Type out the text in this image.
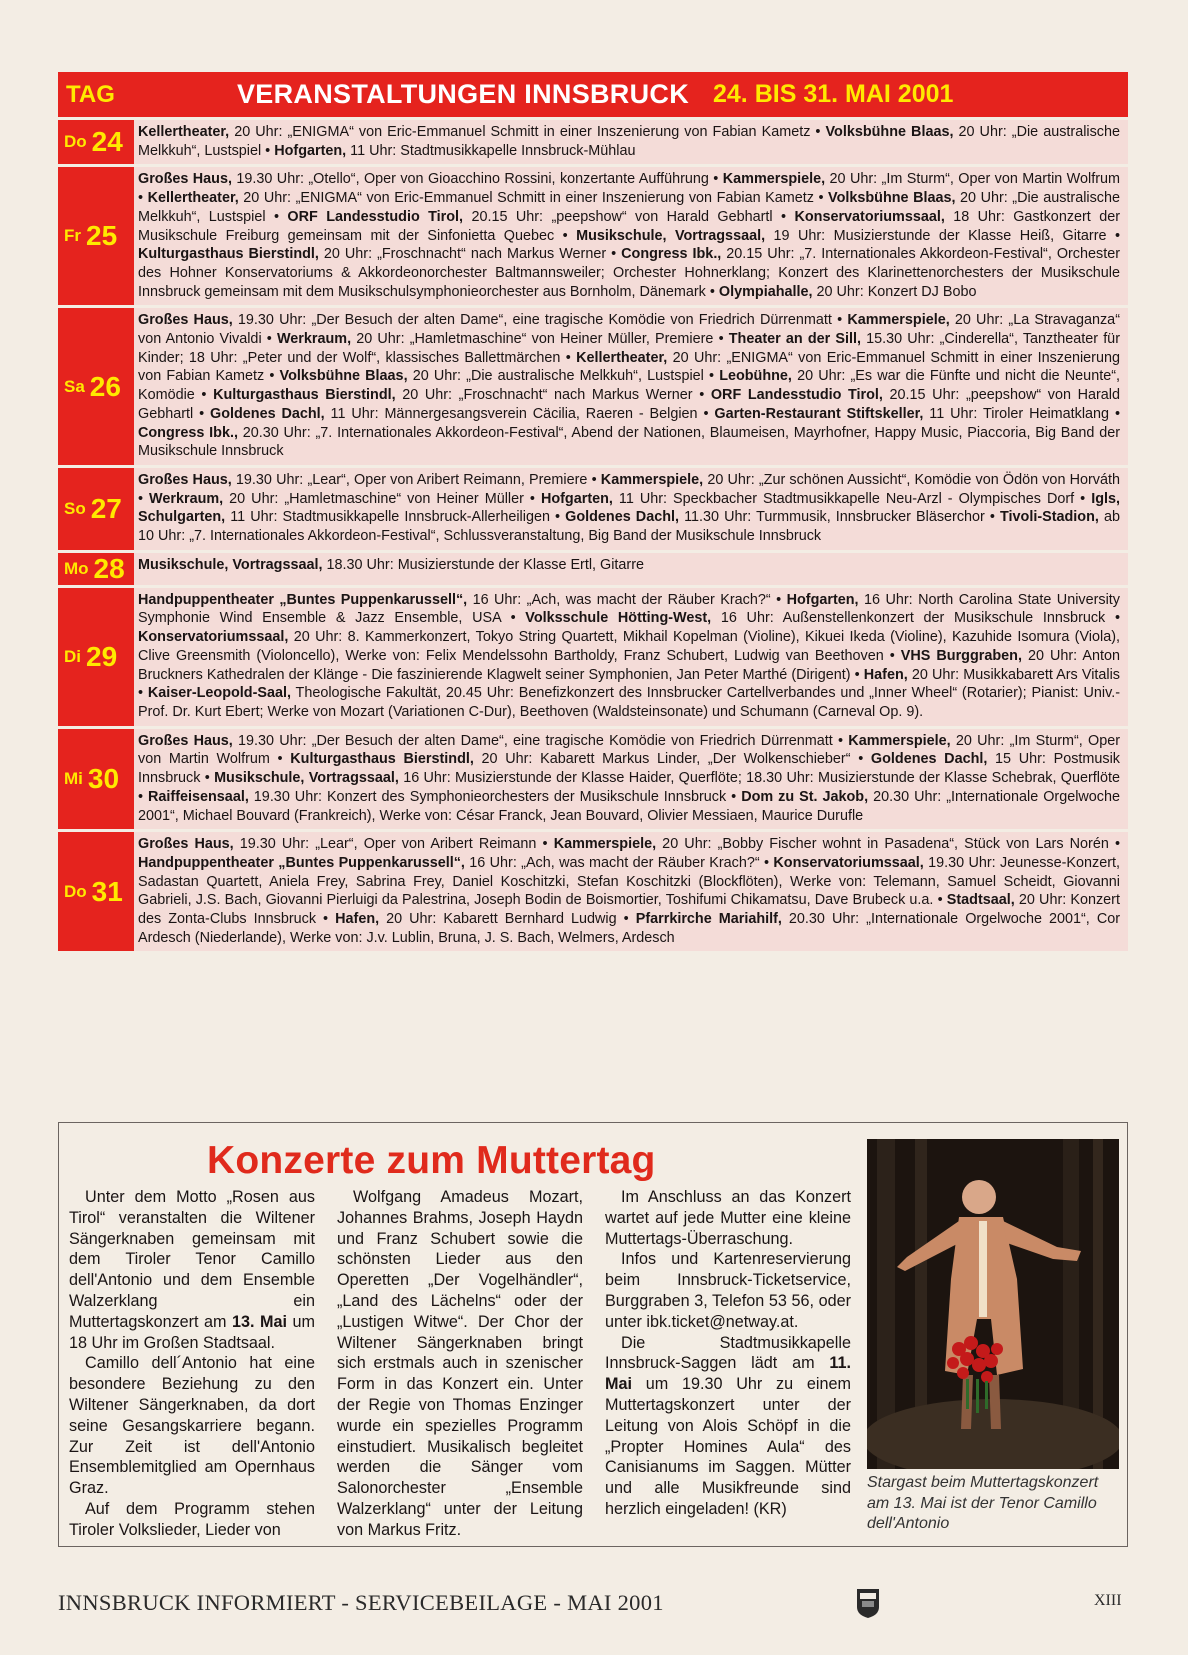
TAG	VERANSTALTUNGEN INNSBRUCK 24. BIS 31. MAI 2001
Do 24 Kellertheater, 20 Uhr: „ENIGMA“ von Eric-Emmanuel Schmitt in einer Inszenierung von Fabian Kametz • Volksbühne Blaas, 20 Uhr: „Die australische Melkkuh“, Lustspiel • Hofgarten, 11 Uhr: Stadtmusikkapelle Innsbruck-Mühlau
Fr 25
Großes Haus, 19.30 Uhr: „Otello“, Oper von Gioacchino Rossini, konzertante Aufführung • Kammerspiele, 20 Uhr: „Im Sturm“, Oper von Martin Wolfrum • Kellertheater, 20 Uhr: „ENIGMA“ von Eric-Emmanuel Schmitt in einer Inszenierung von Fabian Kametz • Volksbühne Blaas, 20 Uhr: „Die australische Melkkuh“, Lustspiel • ORF Landesstudio Tirol, 20.15 Uhr: „peepshow“ von Harald Gebhartl • Konservatoriumssaal, 18 Uhr: Gastkonzert der Musikschule Freiburg gemeinsam mit der Sinfonietta Quebec • Musikschule, Vortragssaal, 19 Uhr: Musizierstunde der Klasse Heiß, Gitarre • Kulturgasthaus Bierstindl, 20 Uhr: „Froschnacht“ nach Markus Werner • Congress Ibk., 20.15 Uhr: „7. Internationales Akkordeon-Festival“, Orchester des Hohner Konservatoriums & Akkordeonorchester Baltmannsweiler; Orchester Hohnerklang; Konzert des Klarinettenorchesters der Musikschule Innsbruck gemeinsam mit dem Musikschulsymphonieorchester aus Bornholm, Dänemark • Olympiahalle, 20 Uhr: Konzert DJ Bobo
Sa 26
Großes Haus, 19.30 Uhr: „Der Besuch der alten Dame“, eine tragische Komödie von Friedrich Dürrenmatt • Kammerspiele, 20 Uhr: „La Stravaganza“ von Antonio Vivaldi • Werkraum, 20 Uhr: „Hamletmaschine“ von Heiner Müller, Premiere • Theater an der Sill, 15.30 Uhr: „Cinderella“, Tanztheater für Kinder; 18 Uhr: „Peter und der Wolf“, klassisches Ballettmärchen • Kellertheater, 20 Uhr: „ENIGMA“ von Eric-Emmanuel Schmitt in einer Inszenierung von Fabian Kametz • Volksbühne Blaas, 20 Uhr: „Die australische Melkkuh“, Lustspiel • Leobühne, 20 Uhr: „Es war die Fünfte und nicht die Neunte“, Komödie • Kulturgasthaus Bierstindl, 20 Uhr: „Froschnacht“ nach Markus Werner • ORF Landesstudio Tirol, 20.15 Uhr: „peepshow“ von Harald Gebhartl • Goldenes Dachl, 11 Uhr: Männergesangsverein Cäcilia, Raeren - Belgien • Garten-Restaurant Stiftskeller, 11 Uhr: Tiroler Heimatklang • Congress Ibk., 20.30 Uhr: „7. Internationales Akkordeon-Festival“, Abend der Nationen, Blaumeisen, Mayrhofner, Happy Music, Piaccoria, Big Band der Musikschule Innsbruck
So 27
Großes Haus, 19.30 Uhr: „Lear“, Oper von Aribert Reimann, Premiere • Kammerspiele, 20 Uhr: „Zur schönen Aussicht“, Komödie von Ödön von Horváth • Werkraum, 20 Uhr: „Hamletmaschine“ von Heiner Müller • Hofgarten, 11 Uhr: Speckbacher Stadtmusikkapelle Neu-Arzl - Olympisches Dorf • Igls, Schulgarten, 11 Uhr: Stadtmusikkapelle Innsbruck-Allerheiligen • Goldenes Dachl, 11.30 Uhr: Turmmusik, Innsbrucker Bläserchor • Tivoli-Stadion, ab 10 Uhr: „7. Internationales Akkordeon-Festival“, Schlussveranstaltung, Big Band der Musikschule Innsbruck
Mo 28 Musikschule, Vortragssaal, 18.30 Uhr: Musizierstunde der Klasse Ertl, Gitarre
Di 29
Handpuppentheater „Buntes Puppenkarussell“, 16 Uhr: „Ach, was macht der Räuber Krach?“ • Hofgarten, 16 Uhr: North Carolina State University Symphonie Wind Ensemble & Jazz Ensemble, USA • Volksschule Hötting-West, 16 Uhr: Außenstellenkonzert der Musikschule Innsbruck • Konservatoriumssaal, 20 Uhr: 8. Kammerkonzert, Tokyo String Quartett, Mikhail Kopelman (Violine), Kikuei Ikeda (Violine), Kazuhide Isomura (Viola), Clive Greensmith (Violoncello), Werke von: Felix Mendelssohn Bartholdy, Franz Schubert, Ludwig van Beethoven • VHS Burggraben, 20 Uhr: Anton Bruckners Kathedralen der Klänge - Die faszinierende Klagwelt seiner Symphonien, Jan Peter Marthé (Dirigent) • Hafen, 20 Uhr: Musikkabarett Ars Vitalis • Kaiser-Leopold-Saal, Theologische Fakultät, 20.45 Uhr: Benefizkonzert des Innsbrucker Cartellverbandes und „Inner Wheel“ (Rotarier); Pianist: Univ.-Prof. Dr. Kurt Ebert; Werke von Mozart (Variationen C-Dur), Beethoven (Waldsteinsonate) und Schumann (Carneval Op. 9).
Mi 30
Großes Haus, 19.30 Uhr: „Der Besuch der alten Dame“, eine tragische Komödie von Friedrich Dürrenmatt • Kammerspiele, 20 Uhr: „Im Sturm“, Oper von Martin Wolfrum • Kulturgasthaus Bierstindl, 20 Uhr: Kabarett Markus Linder, „Der Wolkenschieber“ • Goldenes Dachl, 15 Uhr: Postmusik Innsbruck • Musikschule, Vortragssaal, 16 Uhr: Musizierstunde der Klasse Haider, Querflöte; 18.30 Uhr: Musizierstunde der Klasse Schebrak, Querflöte • Raiffeisensaal, 19.30 Uhr: Konzert des Symphonieorchesters der Musikschule Innsbruck • Dom zu St. Jakob, 20.30 Uhr: „Internationale Orgelwoche 2001“, Michael Bouvard (Frankreich), Werke von: César Franck, Jean Bouvard, Olivier Messiaen, Maurice Durufle
Do 31
Großes Haus, 19.30 Uhr: „Lear“, Oper von Aribert Reimann • Kammerspiele, 20 Uhr: „Bobby Fischer wohnt in Pasadena“, Stück von Lars Norén • Handpuppentheater „Buntes Puppenkarussell“, 16 Uhr: „Ach, was macht der Räuber Krach?“ • Konservatoriumssaal, 19.30 Uhr: Jeunesse-Konzert, Sadastan Quartett, Aniela Frey, Sabrina Frey, Daniel Koschitzki, Stefan Koschitzki (Blockflöten), Werke von: Telemann, Samuel Scheidt, Giovanni Gabrieli, J.S. Bach, Giovanni Pierluigi da Palestrina, Joseph Bodin de Boismortier, Toshifumi Chikamatsu, Dave Brubeck u.a. • Stadtsaal, 20 Uhr: Konzert des Zonta-Clubs Innsbruck • Hafen, 20 Uhr: Kabarett Bernhard Ludwig • Pfarrkirche Mariahilf, 20.30 Uhr: „Internationale Orgelwoche 2001“, Cor Ardesch (Niederlande), Werke von: J.v. Lublin, Bruna, J. S. Bach, Welmers, Ardesch
Konzerte zum Muttertag

Unter dem Motto „Rosen aus Tirol“ veranstalten die Wiltener Sängerknaben gemeinsam mit dem Tiroler Tenor Camillo dell'Antonio und dem Ensemble Walzerklang ein Muttertagskonzert am 13. Mai um 18 Uhr im Großen Stadtsaal.

Camillo dell´Antonio hat eine besondere Beziehung zu den Wiltener Sängerknaben, da dort seine Gesangskarriere begann. Zur Zeit ist dell'Antonio Ensemblemitglied am Opernhaus Graz.

Auf dem Programm stehen Tiroler Volkslieder, Lieder von

Wolfgang Amadeus Mozart, Johannes Brahms, Joseph Haydn und Franz Schubert sowie die schönsten Lieder aus den Operetten „Der Vogelhändler“, „Land des Lächelns“ oder der „Lustigen Witwe“. Der Chor der Wiltener Sängerknaben bringt sich erstmals auch in szenischer Form in das Konzert ein. Unter der Regie von Thomas Enzinger wurde ein spezielles Programm einstudiert. Musikalisch begleitet werden die Sänger vom Salonorchester „Ensemble Walzerklang“ unter der Leitung von Markus Fritz.

Im Anschluss an das Konzert wartet auf jede Mutter eine kleine Muttertags-Überraschung.

Infos und Kartenreservierung beim Innsbruck-Ticketservice, Burggraben 3, Telefon 53 56, oder unter ibk.ticket@netway.at.

Die Stadtmusikkapelle Innsbruck-Saggen lädt am 11. Mai um 19.30 Uhr zu einem Muttertagskonzert unter der Leitung von Alois Schöpf in die „Propter Homines Aula“ des Canisianums im Saggen. Mütter und alle Musikfreunde sind herzlich eingeladen! (KR)

Stargast beim Muttertagskonzert am 13. Mai ist der Tenor Camillo dell'Antonio
INNSBRUCK INFORMIERT - SERVICEBEILAGE - MAI 2001	XIII
